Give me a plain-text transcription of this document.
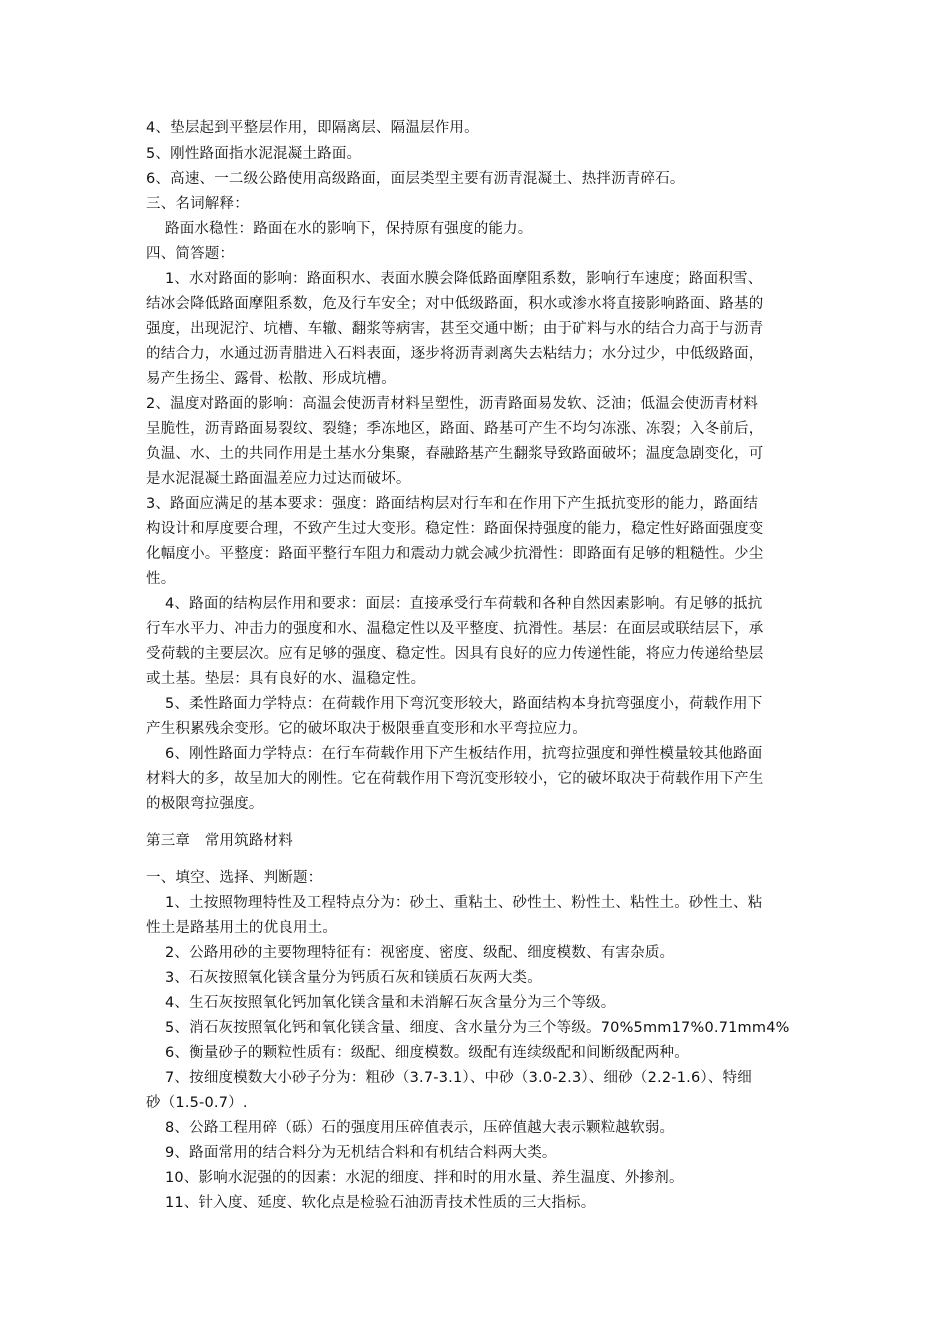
4、垫层起到平整层作用，即隔离层、隔温层作用。
5、刚性路面指水泥混凝土路面。
6、高速、一二级公路使用高级路面，面层类型主要有沥青混凝土、热拌沥青碎石。
三、名词解释：
路面水稳性：路面在水的影响下，保持原有强度的能力。
四、简答题：
1、水对路面的影响：路面积水、表面水膜会降低路面摩阻系数，影响行车速度；路面积雪、
结冰会降低路面摩阻系数，危及行车安全；对中低级路面，积水或渗水将直接影响路面、路基的
强度，出现泥泞、坑槽、车辙、翻浆等病害，甚至交通中断；由于矿料与水的结合力高于与沥青
的结合力，水通过沥青腊进入石料表面，逐步将沥青剥离失去粘结力；水分过少，中低级路面，
易产生扬尘、露骨、松散、形成坑槽。
2、温度对路面的影响：高温会使沥青材料呈塑性，沥青路面易发软、泛油；低温会使沥青材料
呈脆性，沥青路面易裂纹、裂缝；季冻地区，路面、路基可产生不均匀冻涨、冻裂；入冬前后，
负温、水、土的共同作用是土基水分集聚，春融路基产生翻浆导致路面破坏；温度急剧变化，可
是水泥混凝土路面温差应力过达而破坏。
3、路面应满足的基本要求：强度：路面结构层对行车和在作用下产生抵抗变形的能力，路面结
构设计和厚度要合理，不致产生过大变形。稳定性：路面保持强度的能力，稳定性好路面强度变
化幅度小。平整度：路面平整行车阻力和震动力就会减少抗滑性：即路面有足够的粗糙性。少尘
性。
4、路面的结构层作用和要求：面层：直接承受行车荷载和各种自然因素影响。有足够的抵抗
行车水平力、冲击力的强度和水、温稳定性以及平整度、抗滑性。基层：在面层或联结层下，承
受荷载的主要层次。应有足够的强度、稳定性。因具有良好的应力传递性能，将应力传递给垫层
或土基。垫层：具有良好的水、温稳定性。
5、柔性路面力学特点：在荷载作用下弯沉变形较大，路面结构本身抗弯强度小，荷载作用下
产生积累残余变形。它的破坏取决于极限垂直变形和水平弯拉应力。
6、刚性路面力学特点：在行车荷载作用下产生板结作用，抗弯拉强度和弹性模量较其他路面
材料大的多，故呈加大的刚性。它在荷载作用下弯沉变形较小，它的破坏取决于荷载作用下产生
的极限弯拉强度。
第三章　常用筑路材料
一、填空、选择、判断题：
1、土按照物理特性及工程特点分为：砂土、重粘土、砂性土、粉性土、粘性土。砂性土、粘
性土是路基用土的优良用土。
2、公路用砂的主要物理特征有：视密度、密度、级配、细度模数、有害杂质。
3、石灰按照氧化镁含量分为钙质石灰和镁质石灰两大类。
4、生石灰按照氧化钙加氧化镁含量和未消解石灰含量分为三个等级。
5、消石灰按照氧化钙和氧化镁含量、细度、含水量分为三个等级。70%5mm17%0.71mm4%
6、衡量砂子的颗粒性质有：级配、细度模数。级配有连续级配和间断级配两种。
7、按细度模数大小砂子分为：粗砂（3.7-3.1）、中砂（3.0-2.3）、细砂（2.2-1.6）、特细
砂（1.5-0.7）.
8、公路工程用碎（砾）石的强度用压碎值表示，压碎值越大表示颗粒越软弱。
9、路面常用的结合料分为无机结合料和有机结合料两大类。
10、影响水泥强的的因素：水泥的细度、拌和时的用水量、养生温度、外掺剂。
11、针入度、延度、软化点是检验石油沥青技术性质的三大指标。
